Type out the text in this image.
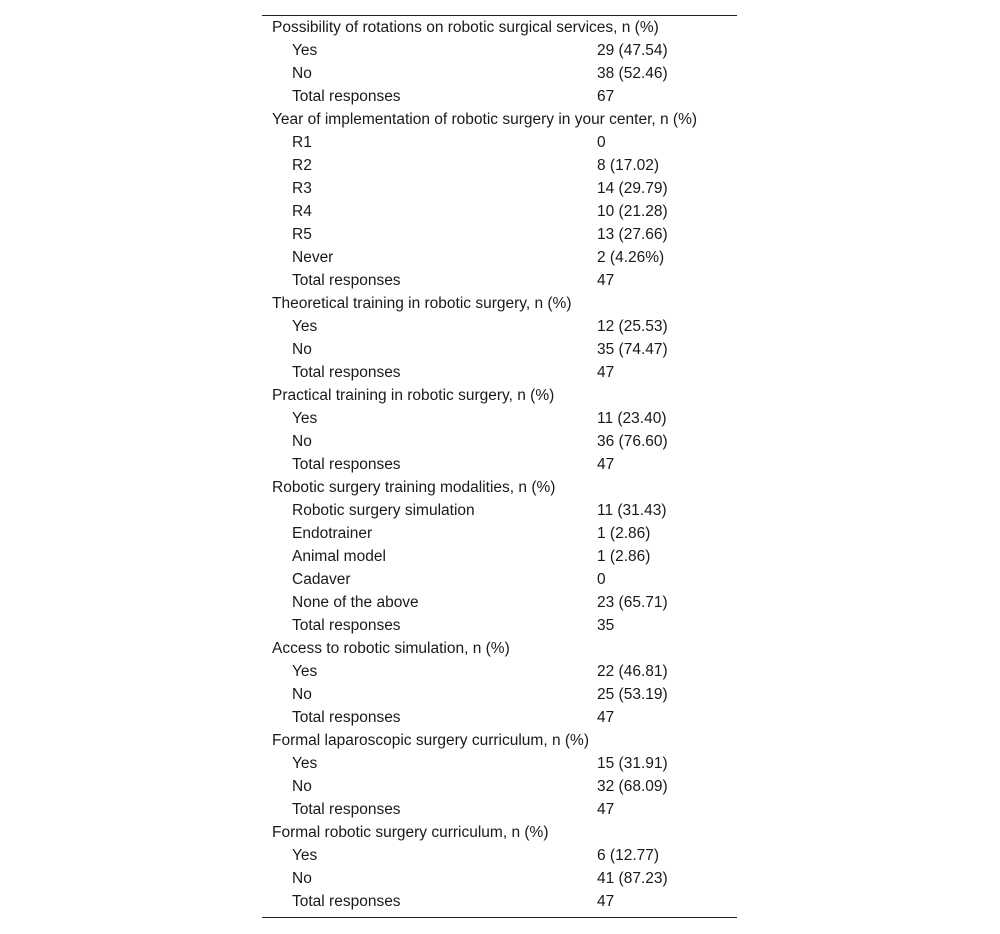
Possibility of rotations on robotic surgical services, n (%)
Yes	29 (47.54)
No	38 (52.46)
Total responses	67
Year of implementation of robotic surgery in your center, n (%)
R1	0
R2	8 (17.02)
R3	14 (29.79)
R4	10 (21.28)
R5	13 (27.66)
Never	2 (4.26%)
Total responses	47
Theoretical training in robotic surgery, n (%)
Yes	12 (25.53)
No	35 (74.47)
Total responses	47
Practical training in robotic surgery, n (%)
Yes	11 (23.40)
No	36 (76.60)
Total responses	47
Robotic surgery training modalities, n (%)
Robotic surgery simulation	11 (31.43)
Endotrainer	1 (2.86)
Animal model	1 (2.86)
Cadaver	0
None of the above	23 (65.71)
Total responses	35
Access to robotic simulation, n (%)
Yes	22 (46.81)
No	25 (53.19)
Total responses	47
Formal laparoscopic surgery curriculum, n (%)
Yes	15 (31.91)
No	32 (68.09)
Total responses	47
Formal robotic surgery curriculum, n (%)
Yes	6 (12.77)
No	41 (87.23)
Total responses	47
